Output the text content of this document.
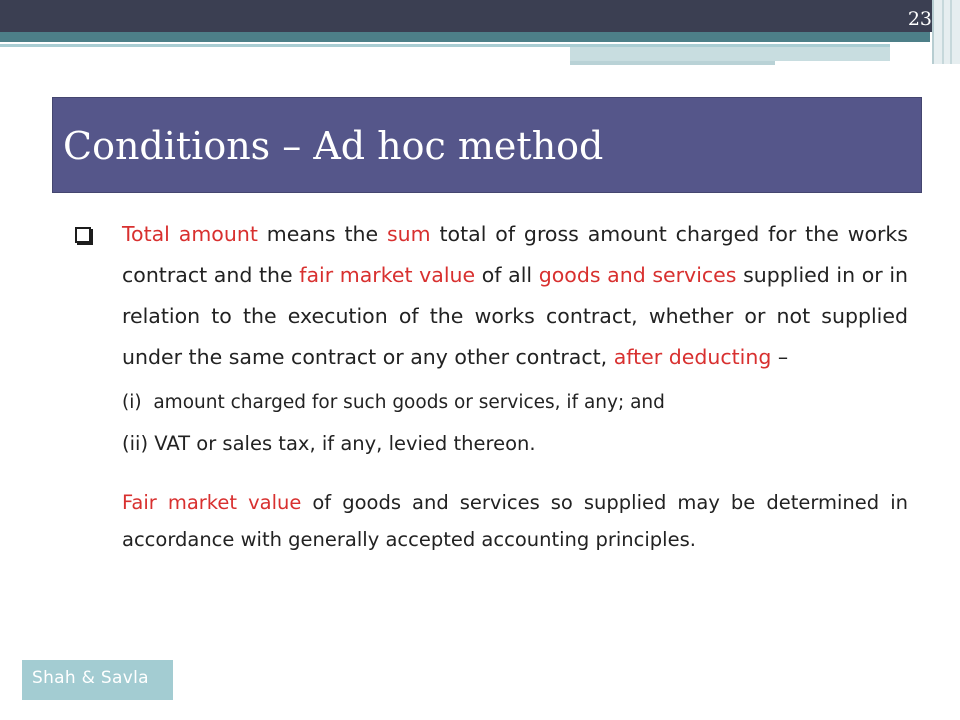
23
Conditions – Ad hoc method

Total amount means the sum total of gross amount charged for the works contract and the fair market value of all goods and services supplied in or in relation to the execution of the works contract, whether or not supplied under the same contract or any other contract, after deducting –

(i)  amount charged for such goods or services, if any; and

(ii) VAT or sales tax, if any, levied thereon.

Fair market value of goods and services so supplied may be determined in accordance with generally accepted accounting principles.

Shah & Savla
